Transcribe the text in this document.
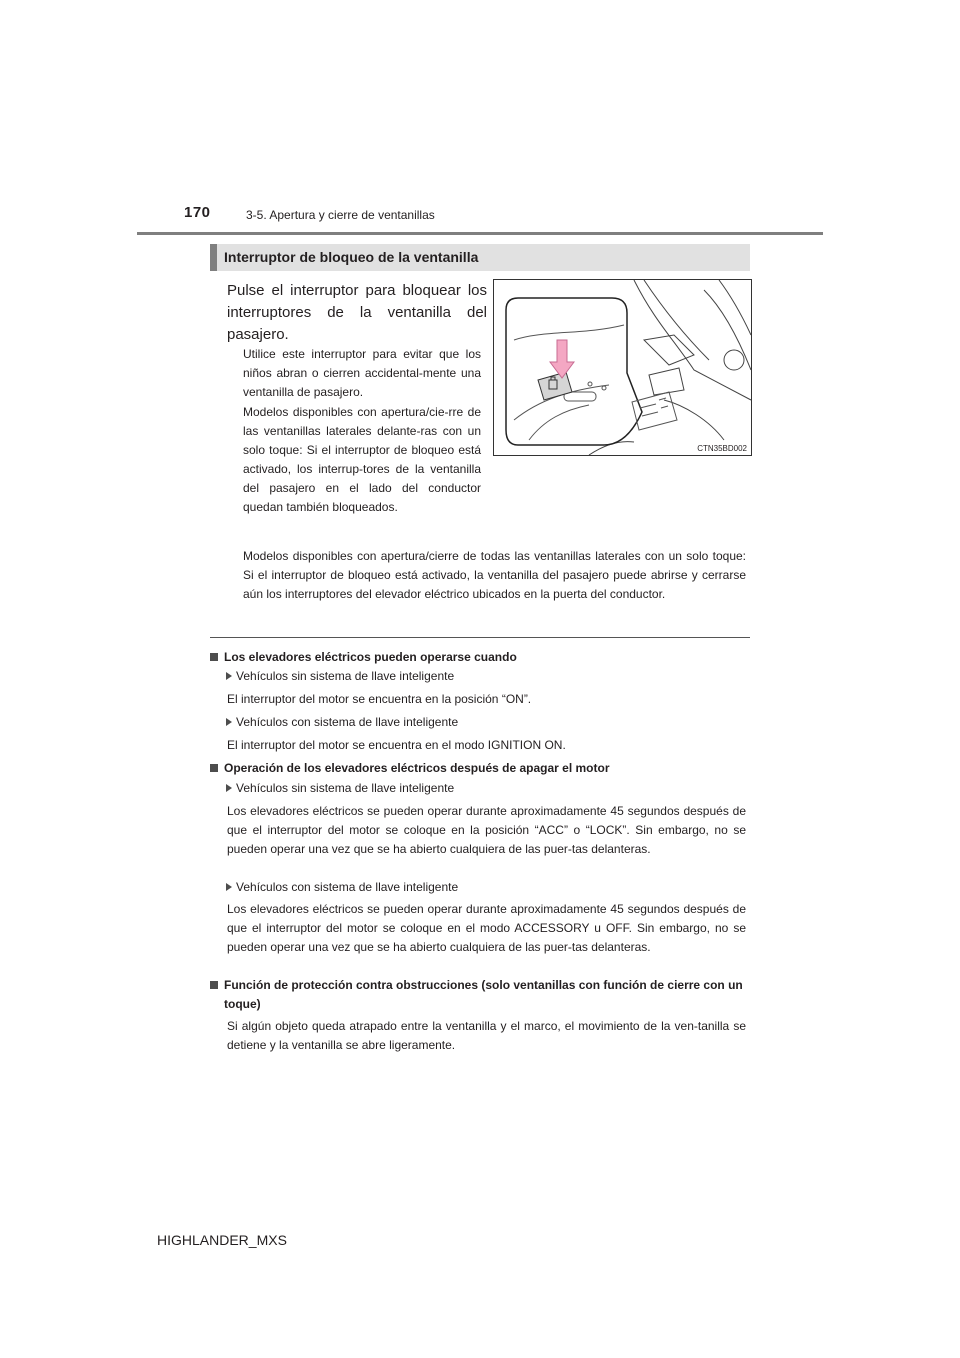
170	3-5. Apertura y cierre de ventanillas
Interruptor de bloqueo de la ventanilla
Pulse el interruptor para bloquear los interruptores de la ventanilla del pasajero.
Utilice este interruptor para evitar que los niños abran o cierren accidental-mente una ventanilla de pasajero.
Modelos disponibles con apertura/cie-rre de las ventanillas laterales delante-ras con un solo toque: Si el interruptor de bloqueo está activado, los interrup-tores de la ventanilla del pasajero en el lado del conductor quedan también bloqueados.
Modelos disponibles con apertura/cierre de todas las ventanillas laterales con un solo toque: Si el interruptor de bloqueo está activado, la ventanilla del pasajero puede abrirse y cerrarse aún los interruptores del elevador eléctrico ubicados en la puerta del conductor.
CTN35BD002
Los elevadores eléctricos pueden operarse cuando
Vehículos sin sistema de llave inteligente
El interruptor del motor se encuentra en la posición “ON”.
Vehículos con sistema de llave inteligente
El interruptor del motor se encuentra en el modo IGNITION ON.
Operación de los elevadores eléctricos después de apagar el motor
Vehículos sin sistema de llave inteligente
Los elevadores eléctricos se pueden operar durante aproximadamente 45 segundos después de que el interruptor del motor se coloque en la posición “ACC” o “LOCK”. Sin embargo, no se pueden operar una vez que se ha abierto cualquiera de las puer-tas delanteras.
Vehículos con sistema de llave inteligente
Los elevadores eléctricos se pueden operar durante aproximadamente 45 segundos después de que el interruptor del motor se coloque en el modo ACCESSORY u OFF. Sin embargo, no se pueden operar una vez que se ha abierto cualquiera de las puer-tas delanteras.
Función de protección contra obstrucciones (solo ventanillas con función de cierre con un toque)
Si algún objeto queda atrapado entre la ventanilla y el marco, el movimiento de la ven-tanilla se detiene y la ventanilla se abre ligeramente.
HIGHLANDER_MXS
